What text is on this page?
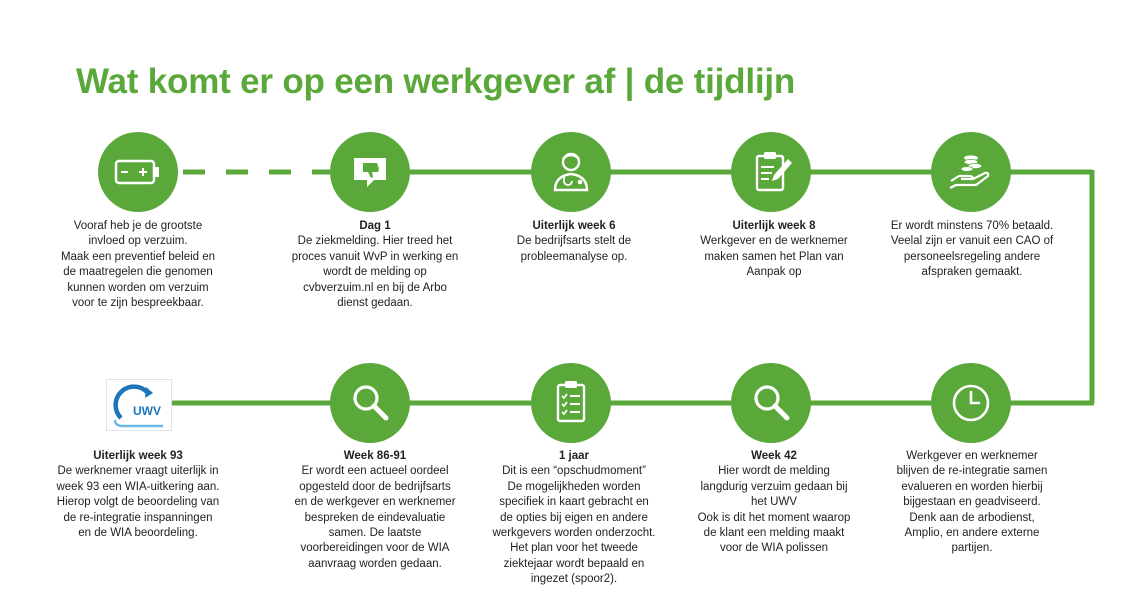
Wat komt er op een werkgever af | de tijdlijn
UWV
Vooraf heb je de grootste
invloed op verzuim.
Maak een preventief beleid en
de maatregelen die genomen
kunnen worden om verzuim
voor te zijn bespreekbaar.
Dag 1
De ziekmelding. Hier treed het
proces vanuit WvP in werking en
wordt de melding op
cvbverzuim.nl en bij de Arbo
dienst gedaan.
Uiterlijk week 6
De bedrijfsarts stelt de
probleemanalyse op.
Uiterlijk week 8
Werkgever en de werknemer
maken samen het Plan van
Aanpak op
Er wordt minstens 70% betaald.
Veelal zijn er vanuit een CAO of
personeelsregeling andere
afspraken gemaakt.
Uiterlijk week 93
De werknemer vraagt uiterlijk in
week 93 een WIA-uitkering aan.
Hierop volgt de beoordeling van
de re-integratie inspanningen
en de WIA beoordeling.
Week 86-91
Er wordt een actueel oordeel
opgesteld door de bedrijfsarts
en de werkgever en werknemer
bespreken de eindevaluatie
samen. De laatste
voorbereidingen voor de WIA
aanvraag worden gedaan.
1 jaar
Dit is een “opschudmoment”
De mogelijkheden worden
specifiek in kaart gebracht en
de opties bij eigen en andere
werkgevers worden onderzocht.
Het plan voor het tweede
ziektejaar wordt bepaald en
ingezet (spoor2).
Week 42
Hier wordt de melding
langdurig verzuim gedaan bij
het UWV
Ook is dit het moment waarop
de klant een melding maakt
voor de WIA polissen
Werkgever en werknemer
blijven de re-integratie samen
evalueren en worden hierbij
bijgestaan en geadviseerd.
Denk aan de arbodienst,
Amplio, en andere externe
partijen.
